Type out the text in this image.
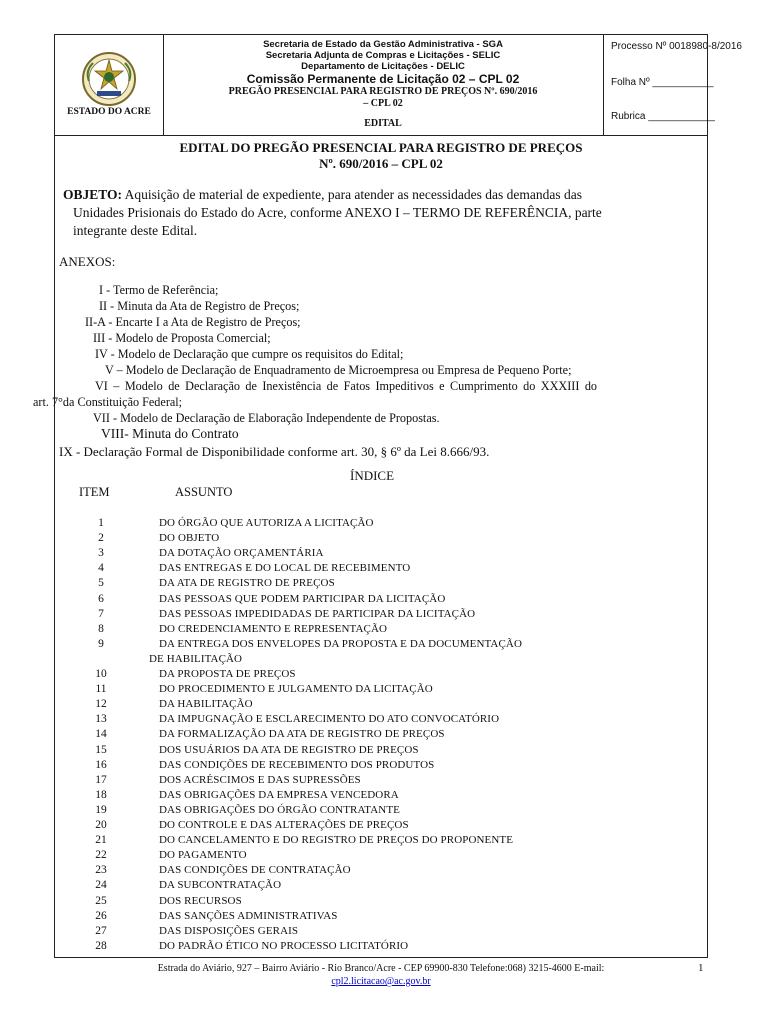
ESTADO DO ACRE
Secretaria de Estado da Gestão Administrativa - SGA
Secretaria Adjunta de Compras e Licitações - SELIC
Departamento de Licitações - DELIC
Comissão Permanente de Licitação 02 – CPL 02
PREGÃO PRESENCIAL PARA REGISTRO DE PREÇOS Nº. 690/2016
– CPL 02
EDITAL
Processo Nº 0018980-8/2016
Folha Nº ___________
Rubrica ____________
EDITAL DO PREGÃO PRESENCIAL PARA REGISTRO DE PREÇOS
Nº. 690/2016 – CPL 02
OBJETO: Aquisição de material de expediente, para atender as necessidades das demandas das
Unidades Prisionais do Estado do Acre, conforme ANEXO I – TERMO DE REFERÊNCIA, parte
integrante deste Edital.
ANEXOS:
I - Termo de Referência;
II - Minuta da Ata de Registro de Preços;
II-A - Encarte I a Ata de Registro de Preços;
III - Modelo de Proposta Comercial;
IV - Modelo de Declaração que cumpre os requisitos do Edital;
V – Modelo de Declaração de Enquadramento de Microempresa ou Empresa de Pequeno Porte;
VI – Modelo de Declaração de Inexistência de Fatos Impeditivos e Cumprimento do XXXIII do
art. 7°da Constituição Federal;
VII - Modelo de Declaração de Elaboração Independente de Propostas.
VIII- Minuta do Contrato
IX - Declaração Formal de Disponibilidade conforme art. 30, § 6º da Lei 8.666/93.
ÍNDICE
ITEM	ASSUNTO
1	DO ÓRGÃO QUE AUTORIZA A LICITAÇÃO
2	DO OBJETO
3	DA DOTAÇÃO ORÇAMENTÁRIA
4	DAS ENTREGAS E DO LOCAL DE RECEBIMENTO
5	DA ATA DE REGISTRO DE PREÇOS
6	DAS PESSOAS QUE PODEM PARTICIPAR DA LICITAÇÃO
7	DAS PESSOAS IMPEDIDADAS DE PARTICIPAR DA LICITAÇÃO
8	DO CREDENCIAMENTO E REPRESENTAÇÃO
9	DA ENTREGA DOS ENVELOPES DA PROPOSTA E DA DOCUMENTAÇÃO
DE HABILITAÇÃO
10	DA PROPOSTA DE PREÇOS
11	DO PROCEDIMENTO E JULGAMENTO DA LICITAÇÃO
12	DA HABILITAÇÃO
13	DA IMPUGNAÇÃO E ESCLARECIMENTO DO ATO CONVOCATÓRIO
14	DA FORMALIZAÇÃO DA ATA DE REGISTRO DE PREÇOS
15	DOS USUÁRIOS DA ATA DE REGISTRO DE PREÇOS
16	DAS CONDIÇÕES DE RECEBIMENTO DOS PRODUTOS
17	DOS ACRÉSCIMOS E DAS SUPRESSÕES
18	DAS OBRIGAÇÕES DA EMPRESA VENCEDORA
19	DAS OBRIGAÇÕES DO ÓRGÃO CONTRATANTE
20	DO CONTROLE E DAS ALTERAÇÕES DE PREÇOS
21	DO CANCELAMENTO E DO REGISTRO DE PREÇOS DO PROPONENTE
22	DO PAGAMENTO
23	DAS CONDIÇÕES DE CONTRATAÇÃO
24	DA SUBCONTRATAÇÃO
25	DOS RECURSOS
26	DAS SANÇÕES ADMINISTRATIVAS
27	DAS DISPOSIÇÕES GERAIS
28	DO PADRÃO ÉTICO NO PROCESSO LICITATÓRIO
Estrada do Aviário, 927 – Bairro Aviário - Rio Branco/Acre - CEP 69900-830 Telefone:068) 3215-4600 E-mail:
cpl2.licitacao@ac.gov.br
1
